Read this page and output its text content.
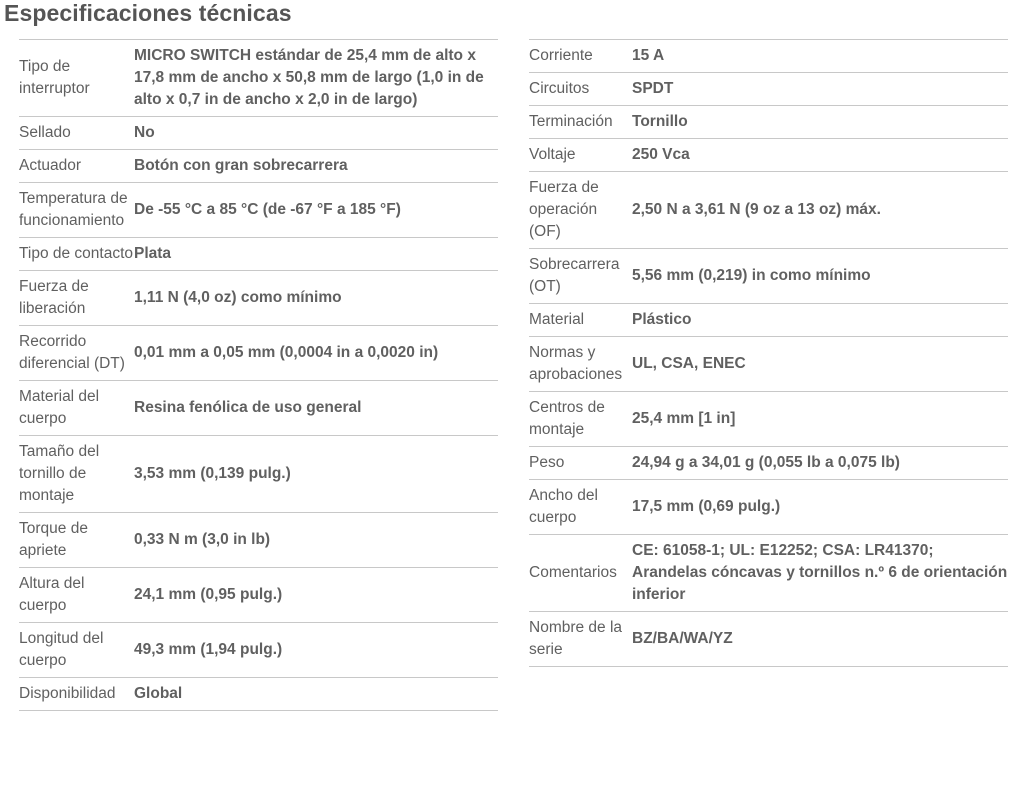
Especificaciones técnicas
Tipo de interruptor	MICRO SWITCH estándar de 25,4 mm de alto x 17,8 mm de ancho x 50,8 mm de largo (1,0 in de alto x 0,7 in de ancho x 2,0 in de largo)
Sellado	No
Actuador	Botón con gran sobrecarrera
Temperatura de funcionamiento	De -55 °C a 85 °C (de -67 °F a 185 °F)
Tipo de contacto	Plata
Fuerza de liberación	1,11 N (4,0 oz) como mínimo
Recorrido diferencial (DT)	0,01 mm a 0,05 mm (0,0004 in a 0,0020 in)
Material del cuerpo	Resina fenólica de uso general
Tamaño del tornillo de montaje	3,53 mm (0,139 pulg.)
Torque de apriete	0,33 N m (3,0 in lb)
Altura del cuerpo	24,1 mm (0,95 pulg.)
Longitud del cuerpo	49,3 mm (1,94 pulg.)
Disponibilidad	Global
Corriente	15 A
Circuitos	SPDT
Terminación	Tornillo
Voltaje	250 Vca
Fuerza de operación (OF)	2,50 N a 3,61 N (9 oz a 13 oz) máx.
Sobrecarrera (OT)	5,56 mm (0,219) in como mínimo
Material	Plástico
Normas y aprobaciones	UL, CSA, ENEC
Centros de montaje	25,4 mm [1 in]
Peso	24,94 g a 34,01 g (0,055 lb a 0,075 lb)
Ancho del cuerpo	17,5 mm (0,69 pulg.)
Comentarios	CE: 61058-1; UL: E12252; CSA: LR41370; Arandelas cóncavas y tornillos n.º 6 de orientación inferior
Nombre de la serie	BZ/BA/WA/YZ
